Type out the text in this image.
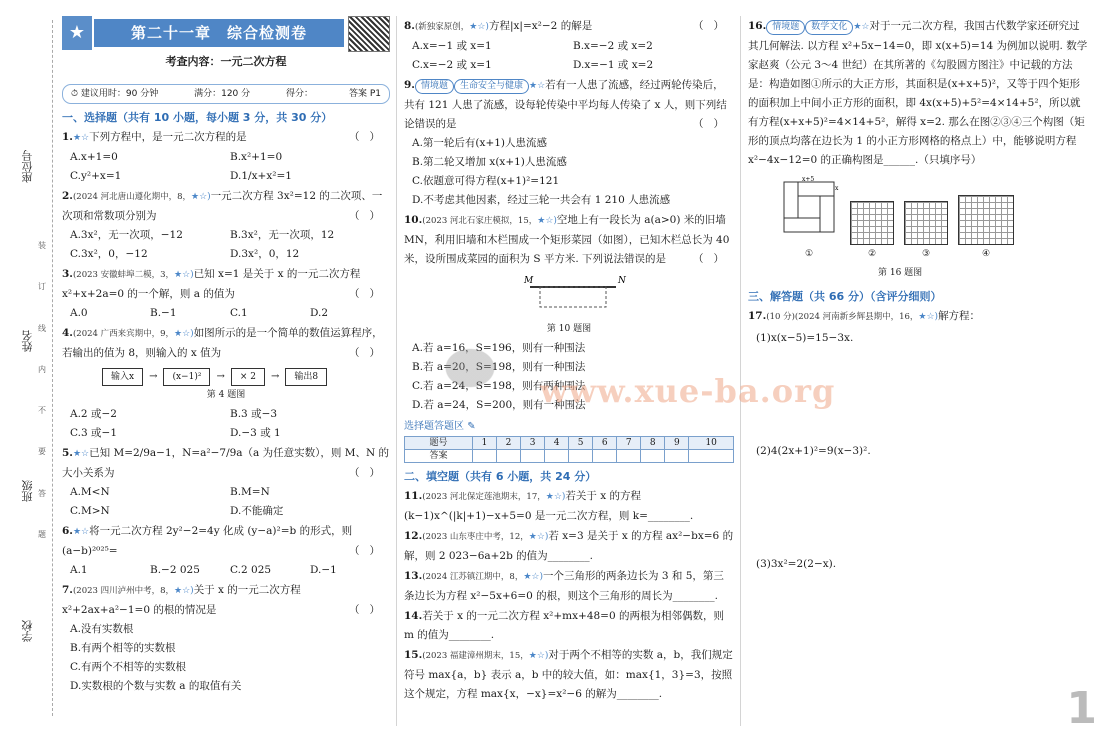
座位号
姓名
班级
学校
装
订
线
内
不
要
答
题
★	第二十一章　综合检测卷
考查内容：一元二次方程
⏱ 建议用时：90 分钟	满分：120 分	得分：	答案 P1
一、选择题（共有 10 小题，每小题 3 分，共 30 分）
1.★☆下列方程中，是一元二次方程的是	（）
A.x+1=0	B.x²+1=0
C.y²+x=1	D.1/x+x²=1
2.(2024 河北唐山遵化期中，8，★☆)一元二次方程 3x²=12 的二次项、一次项和常数项分别为	（）
A.3x²，无一次项，−12	B.3x²，无一次项，12
C.3x²，0，−12	D.3x²，0，12
3.(2023 安徽蚌埠二模，3，★☆)已知 x=1 是关于 x 的一元二次方程 x²+x+2a=0 的一个解，则 a 的值为	（）
A.0	B.−1	C.1	D.2
4.(2024 广西来宾期中，9，★☆)如图所示的是一个简单的数值运算程序，若输出的值为 8，则输入的 x 值为	（）
输入x	→	(x−1)²	→	× 2	→	输出8
第 4 题图
A.2 或−2	B.3 或−3
C.3 或−1	D.−3 或 1
5.★☆已知 M=2/9a−1，N=a²−7/9a（a 为任意实数），则 M、N 的大小关系为	（）
A.M<N	B.M=N
C.M>N	D.不能确定
6.★☆将一元二次方程 2y²−2=4y 化成 (y−a)²=b 的形式，则 (a−b)²⁰²⁵=	（）
A.1	B.−2 025	C.2 025	D.−1
7.(2023 四川泸州中考，8，★☆)关于 x 的一元二次方程 x²+2ax+a²−1=0 的根的情况是	（）
A.没有实数根
B.有两个相等的实数根
C.有两个不相等的实数根
D.实数根的个数与实数 a 的取值有关
8.(新独家原创，★☆)方程|x|=x²−2 的解是	（）
A.x=−1 或 x=1	B.x=−2 或 x=2
C.x=−2 或 x=1	D.x=−1 或 x=2
9. 情境题 生命安全与健康 ★☆若有一人患了流感，经过两轮传染后，共有 121 人患了流感，设每轮传染中平均每人传染了 x 人，则下列结论错误的是	（）
A.第一轮后有(x+1)人患流感
B.第二轮又增加 x(x+1)人患流感
C.依题意可得方程(x+1)²=121
D.不考虑其他因素，经过三轮一共会有 1 210 人患流感
10.(2023 河北石家庄模拟，15，★☆)空地上有一段长为 a(a>0) 米的旧墙 MN，利用旧墙和木栏围成一个矩形菜园（如图），已知木栏总长为 40 米，设所围成菜园的面积为 S 平方米. 下列说法错误的是	（）

M	N
第 10 题图
A.若 a=16，S=196，则有一种围法
B.若 a=20，S=198，则有一种围法
C.若 a=24，S=198，则有两种围法
D.若 a=24，S=200，则有一种围法
选择题答题区 ✎
题号	1	2	3	4	5	6	7	8	9	10
答案										
二、填空题（共有 6 小题，共 24 分）
11.(2023 河北保定莲池期末，17，★☆)若关于 x 的方程 (k−1)x^(|k|+1)−x+5=0 是一元二次方程，则 k=________.
12.(2023 山东枣庄中考，12，★☆)若 x=3 是关于 x 的方程 ax²−bx=6 的解，则 2 023−6a+2b 的值为________.
13.(2024 江苏镇江期中，8，★☆)一个三角形的两条边长为 3 和 5，第三条边长为方程 x²−5x+6=0 的根，则这个三角形的周长为________.
14.若关于 x 的一元二次方程 x²+mx+48=0 的两根为相邻偶数，则 m 的值为________.
15.(2023 福建漳州期末，15，★☆)对于两个不相等的实数 a，b，我们规定符号 max{a，b} 表示 a，b 中的较大值，如：max{1，3}=3，按照这个规定，方程 max{x，−x}=x²−6 的解为________.
16. 情境题 数学文化 ★☆对于一元二次方程，我国古代数学家还研究过其几何解法. 以方程 x²+5x−14=0，即 x(x+5)=14 为例加以说明. 数学家赵爽（公元 3～4 世纪）在其所著的《勾股圆方图注》中记载的方法是：构造如图①所示的大正方形，其面积是(x+x+5)²，又等于四个矩形的面积加上中间小正方形的面积，即 4x(x+5)+5²=4×14+5²，所以就有方程(x+x+5)²=4×14+5²，解得 x=2. 那么在图②③④三个构图（矩形的顶点均落在边长为 1 的小正方形网格的格点上）中，能够说明方程 x²−4x−12=0 的正确构图是______.（只填序号）
x+5
x
①	②	③	④
第 16 题图
三、解答题（共 66 分）（含评分细则）
17.(10 分)(2024 河南新乡辉县期中，16，★☆)解方程：
(1)x(x−5)=15−3x.
(2)4(2x+1)²=9(x−3)².
(3)3x²=2(2−x).
www.xue-ba.org
1
